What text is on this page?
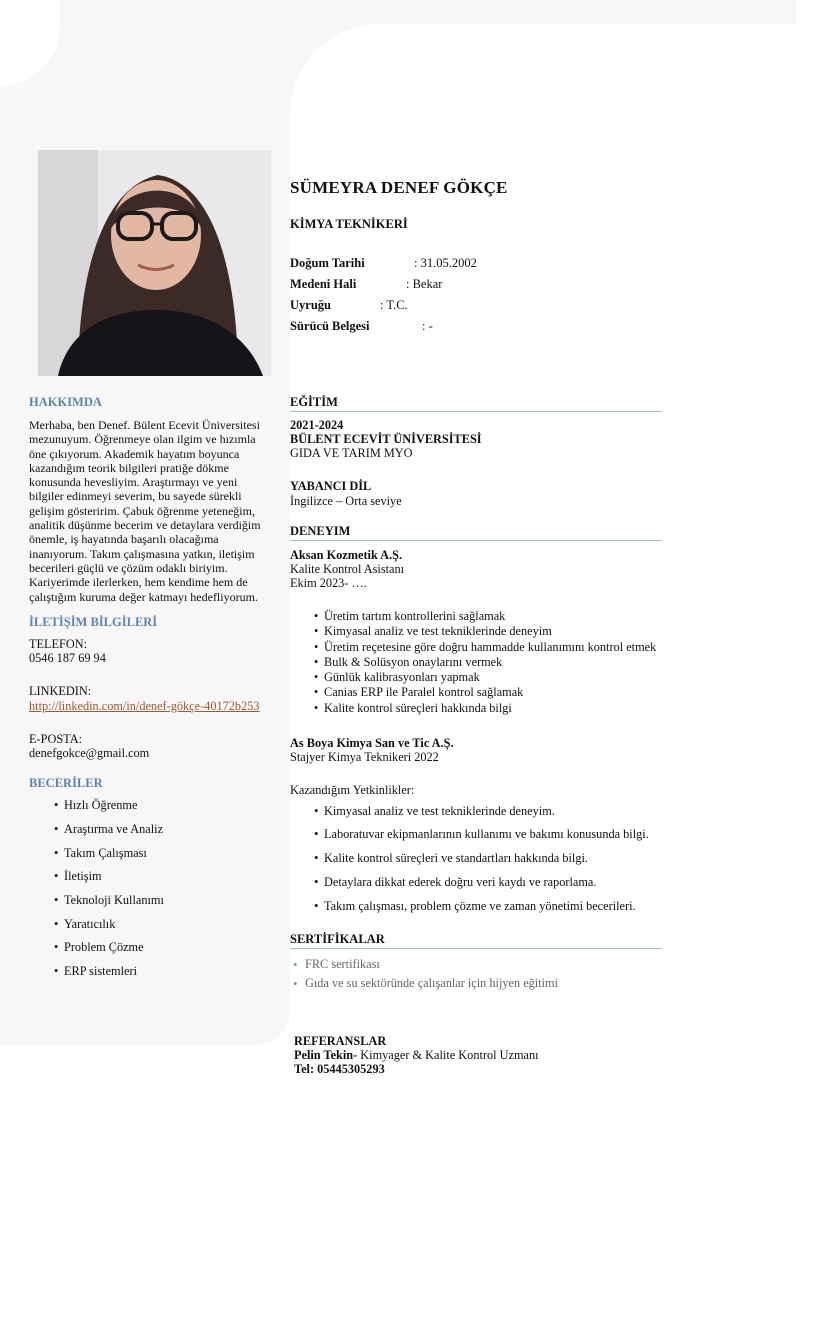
SÜMEYRA DENEF GÖKÇE
KİMYA TEKNİKERİ
Doğum Tarihi	: 31.05.2002
Medeni Hali	: Bekar
Uyruğu	: T.C.
Sürücü Belgesi	: -
HAKKIMDA
Merhaba, ben Denef. Bülent Ecevit Üniversitesi mezunuyum. Öğrenmeye olan ilgim ve hızımla öne çıkıyorum. Akademik hayatım boyunca kazandığım teorik bilgileri pratiğe dökme konusunda hevesliyim. Araştırmayı ve yeni bilgiler edinmeyi severim, bu sayede sürekli gelişim gösteririm. Çabuk öğrenme yeteneğim, analitik düşünme becerim ve detaylara verdiğim önemle, iş hayatında başarılı olacağıma inanıyorum. Takım çalışmasına yatkın, iletişim becerileri güçlü ve çözüm odaklı biriyim. Kariyerimde ilerlerken, hem kendime hem de çalıştığım kuruma değer katmayı hedefliyorum.
İLETİŞİM BİLGİLERİ
TELEFON:
0546 187 69 94
LINKEDIN:
http://linkedin.com/in/denef-gökçe-40172b253
E-POSTA:
denefgokce@gmail.com
BECERİLER
• Hızlı Öğrenme
• Araştırma ve Analiz
• Takım Çalışması
• İletişim
• Teknoloji Kullanımı
• Yaratıcılık
• Problem Çözme
• ERP sistemleri
EĞİTİM
2021-2024
BÜLENT ECEVİT ÜNİVERSİTESİ
GIDA VE TARIM MYO
YABANCI DİL
İngilizce – Orta seviye
DENEYIM
Aksan Kozmetik A.Ş.
Kalite Kontrol Asistanı
Ekim 2023- ….
• Üretim tartım kontrollerini sağlamak
• Kimyasal analiz ve test tekniklerinde deneyim
• Üretim reçetesine göre doğru hammadde kullanımını kontrol etmek
• Bulk & Solüsyon onaylarını vermek
• Günlük kalibrasyonları yapmak
• Canias ERP ile Paralel kontrol sağlamak
• Kalite kontrol süreçleri hakkında bilgi
As Boya Kimya San ve Tic A.Ş.
Stajyer Kimya Teknikeri 2022
Kazandığım Yetkinlikler:
• Kimyasal analiz ve test tekniklerinde deneyim.
• Laboratuvar ekipmanlarının kullanımı ve bakımı konusunda bilgi.
• Kalite kontrol süreçleri ve standartları hakkında bilgi.
• Detaylara dikkat ederek doğru veri kaydı ve raporlama.
• Takım çalışması, problem çözme ve zaman yönetimi becerileri.
SERTİFİKALAR
• FRC sertifikası
• Gıda ve su sektöründe çalışanlar için hijyen eğitimi
REFERANSLAR
Pelin Tekin- Kimyager & Kalite Kontrol Uzmanı
Tel: 05445305293
